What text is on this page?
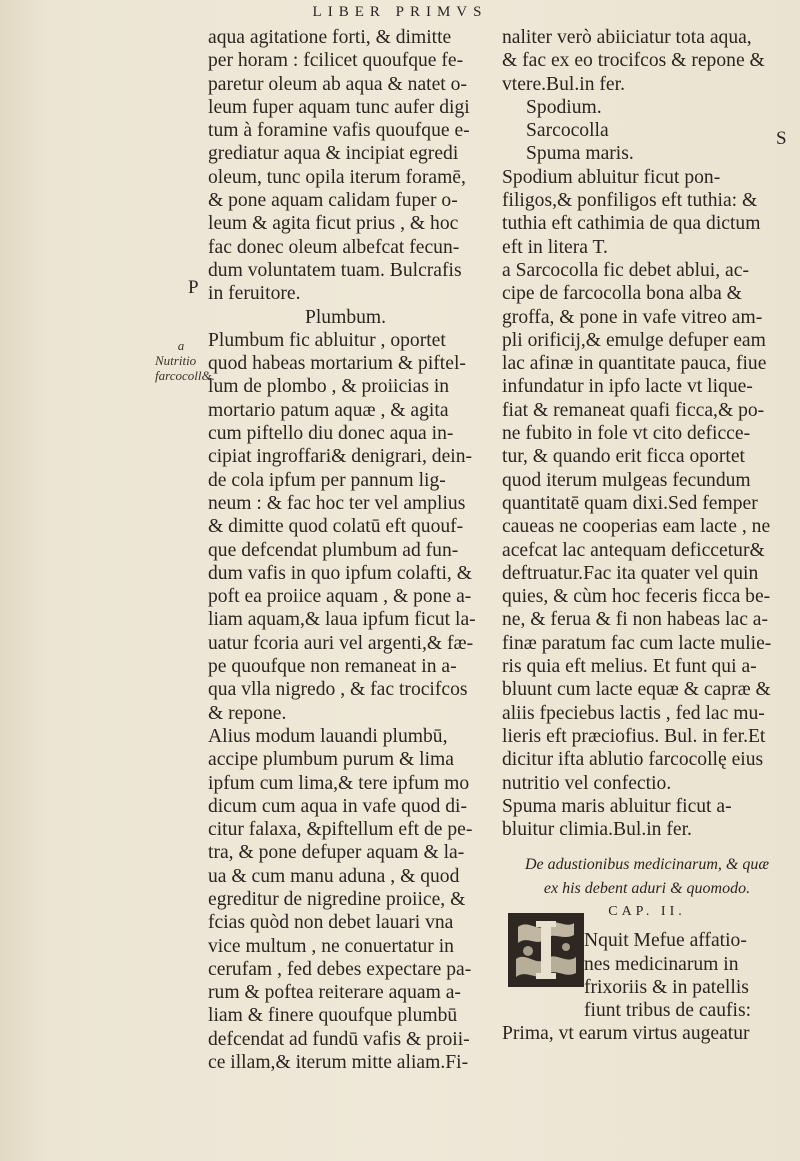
LIBER PRIMVS
a
Nutritio
farcocoll&.
P
S
aqua agitatione forti, & dimitte
per horam : fcilicet quoufque fe-
paretur oleum ab aqua & natet o-
leum fuper aquam tunc aufer digi
tum à foramine vafis quoufque e-
grediatur aqua & incipiat egredi
oleum, tunc opila iterum foramē,
& pone aquam calidam fuper o-
leum & agita ficut prius , & hoc
fac donec oleum albefcat fecun-
dum voluntatem tuam. Bulcrafis
in feruitore.
Plumbum.
Plumbum fic abluitur , oportet
quod habeas mortarium & piftel-
lum de plombo , & proiicias in
mortario patum aquæ , & agita
cum piftello diu donec aqua in-
cipiat ingroffari& denigrari, dein-
de cola ipfum per pannum lig-
neum : & fac hoc ter vel amplius
& dimitte quod colatū eft quouf-
que defcendat plumbum ad fun-
dum vafis in quo ipfum colafti, &
poft ea proiice aquam , & pone a-
liam aquam,& laua ipfum ficut la-
uatur fcoria auri vel argenti,& fæ-
pe quoufque non remaneat in a-
qua vlla nigredo , & fac trocifcos
& repone.
Alius modum lauandi plumbū,
accipe plumbum purum & lima
ipfum cum lima,& tere ipfum mo
dicum cum aqua in vafe quod di-
citur falaxa, &piftellum eft de pe-
tra, & pone defuper aquam & la-
ua & cum manu aduna , & quod
egreditur de nigredine proiice, &
fcias quòd non debet lauari vna
vice multum , ne conuertatur in
cerufam , fed debes expectare pa-
rum & poftea reiterare aquam a-
liam & finere quoufque plumbū
defcendat ad fundū vafis & proii-
ce illam,& iterum mitte aliam.Fi-
naliter verò abiiciatur tota aqua,
& fac ex eo trocifcos & repone &
vtere.Bul.in fer.
Spodium.
Sarcocolla
Spuma maris.
Spodium abluitur ficut pon-
filigos,& ponfiligos eft tuthia: &
tuthia eft cathimia de qua dictum
eft in litera T.
a Sarcocolla fic debet ablui, ac-
cipe de farcocolla bona alba &
groffa, & pone in vafe vitreo am-
pli orificij,& emulge defuper eam
lac afinæ in quantitate pauca, fiue
infundatur in ipfo lacte vt lique-
fiat & remaneat quafi ficca,& po-
ne fubito in fole vt cito deficce-
tur, & quando erit ficca oportet
quod iterum mulgeas fecundum
quantitatē quam dixi.Sed femper
caueas ne cooperias eam lacte , ne
acefcat lac antequam deficcetur&
deftruatur.Fac ita quater vel quin
quies, & cùm hoc feceris ficca be-
ne, & ferua & fi non habeas lac a-
finæ paratum fac cum lacte mulie-
ris quia eft melius. Et funt qui a-
bluunt cum lacte equæ & capræ &
aliis fpeciebus lactis , fed lac mu-
lieris eft præciofius. Bul. in fer.Et
dicitur ifta ablutio farcocollę eius
nutritio vel confectio.
Spuma maris abluitur ficut a-
bluitur climia.Bul.in fer.
De adustionibus medicinarum, & quæ
ex his debent aduri & quomodo.
CAP. II.
Nquit Mefue affatio-
nes medicinarum in
frixoriis & in patellis
fiunt tribus de caufis:
Prima, vt earum virtus augeatur
